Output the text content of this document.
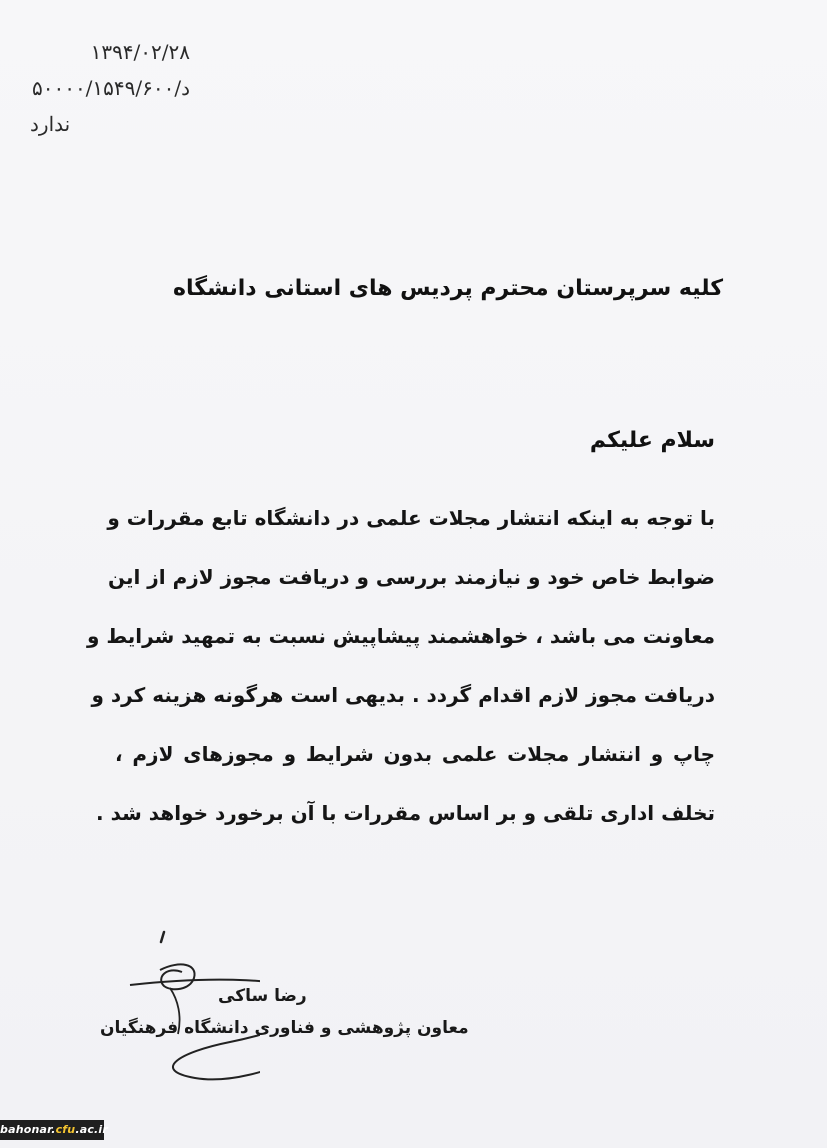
۱۳۹۴/۰۲/۲۸
۵۰۰۰۰/۱۵۴۹/۶۰۰/د
ندارد
کلیه سرپرستان محترم پردیس های استانی دانشگاه
سلام علیکم
با توجه به اینکه انتشار مجلات علمی در دانشگاه تابع مقررات و
ضوابط خاص خود و نیازمند بررسی و دریافت مجوز لازم از این
معاونت می باشد ، خواهشمند پیشاپیش نسبت به تمهید شرایط و
دریافت مجوز لازم اقدام گردد . بدیهی است هرگونه هزینه کرد و
چاپ و انتشار مجلات علمی بدون شرایط و مجوزهای لازم ،
تخلف اداری تلقی و بر اساس مقررات با آن برخورد خواهد شد .
رضا ساکی
معاون پژوهشی و فناوری دانشگاه فرهنگیان
bahonar.cfu.ac.ir
